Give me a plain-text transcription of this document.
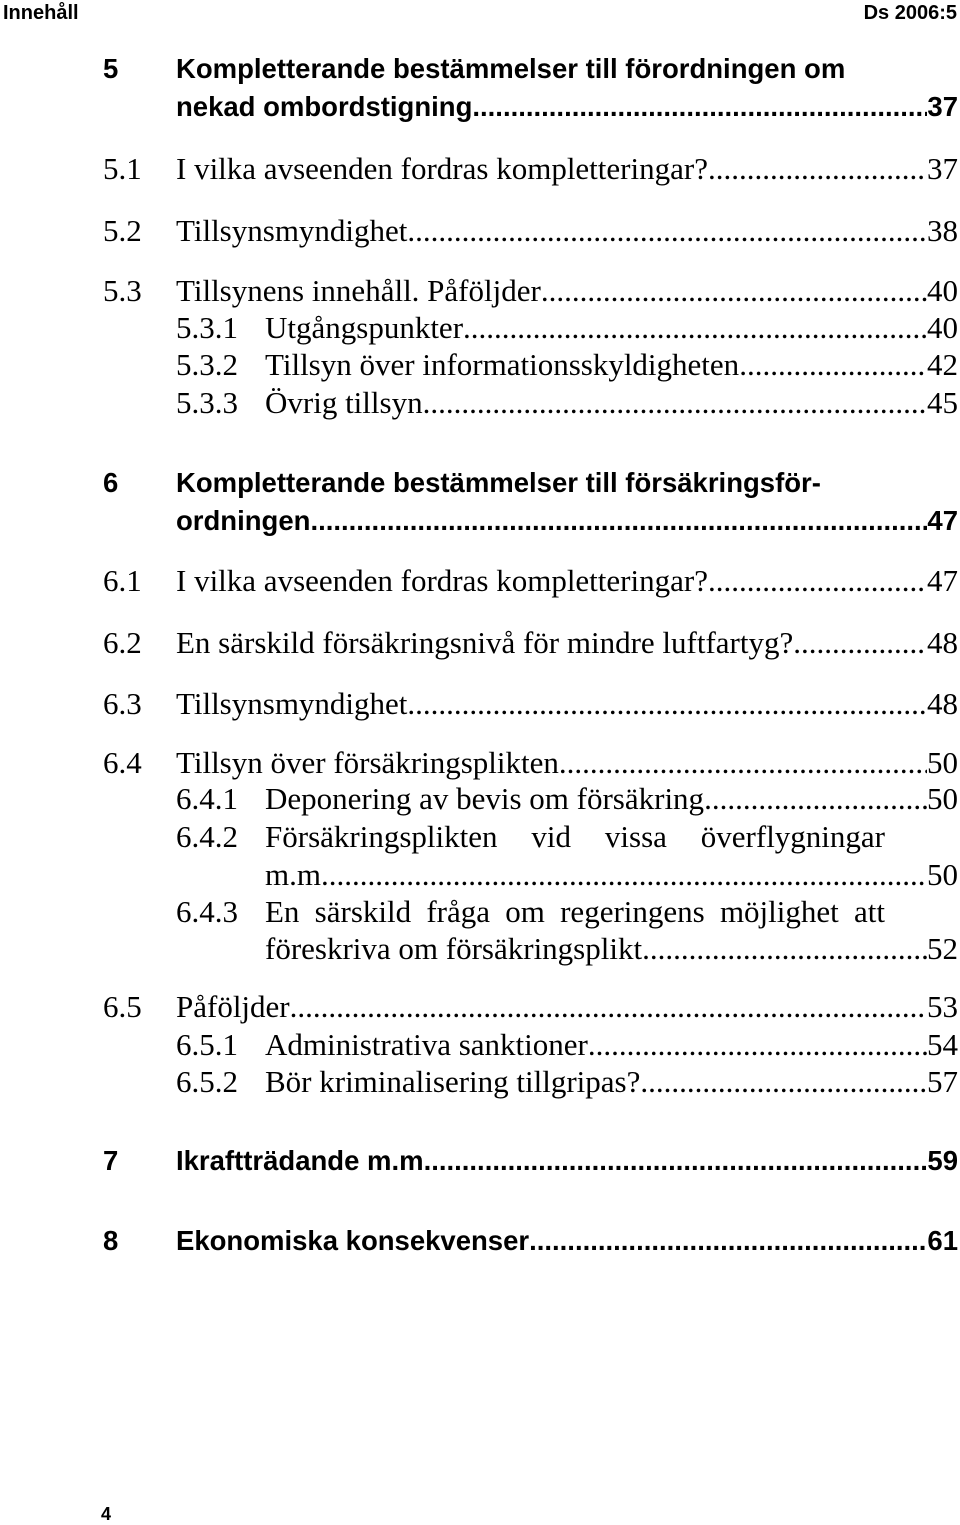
Innehåll	Ds 2006:5
5 Kompletterande bestämmelser till förordningen om
nekad ombordstigning .....	37
5.1 I vilka avseenden fordras kompletteringar? .....	37
5.2 Tillsynsmyndighet .....	38
5.3 Tillsynens innehåll. Påföljder .....	40
5.3.1 Utgångspunkter .....	40
5.3.2 Tillsyn över informationsskyldigheten .....	42
5.3.3 Övrig tillsyn .....	45
6 Kompletterande bestämmelser till försäkringsför-
ordningen .....	47
6.1 I vilka avseenden fordras kompletteringar? .....	47
6.2 En särskild försäkringsnivå för mindre luftfartyg? .....	48
6.3 Tillsynsmyndighet .....	48
6.4 Tillsyn över försäkringsplikten .....	50
6.4.1 Deponering av bevis om försäkring .....	50
6.4.2 Försäkringsplikten vid vissa överflygningar
m.m. .....	50
6.4.3 En särskild fråga om regeringens möjlighet att
föreskriva om försäkringsplikt .....	52
6.5 Påföljder .....	53
6.5.1 Administrativa sanktioner .....	54
6.5.2 Bör kriminalisering tillgripas? .....	57
7 Ikraftträdande m.m .....	59
8 Ekonomiska konsekvenser .....	61
4
